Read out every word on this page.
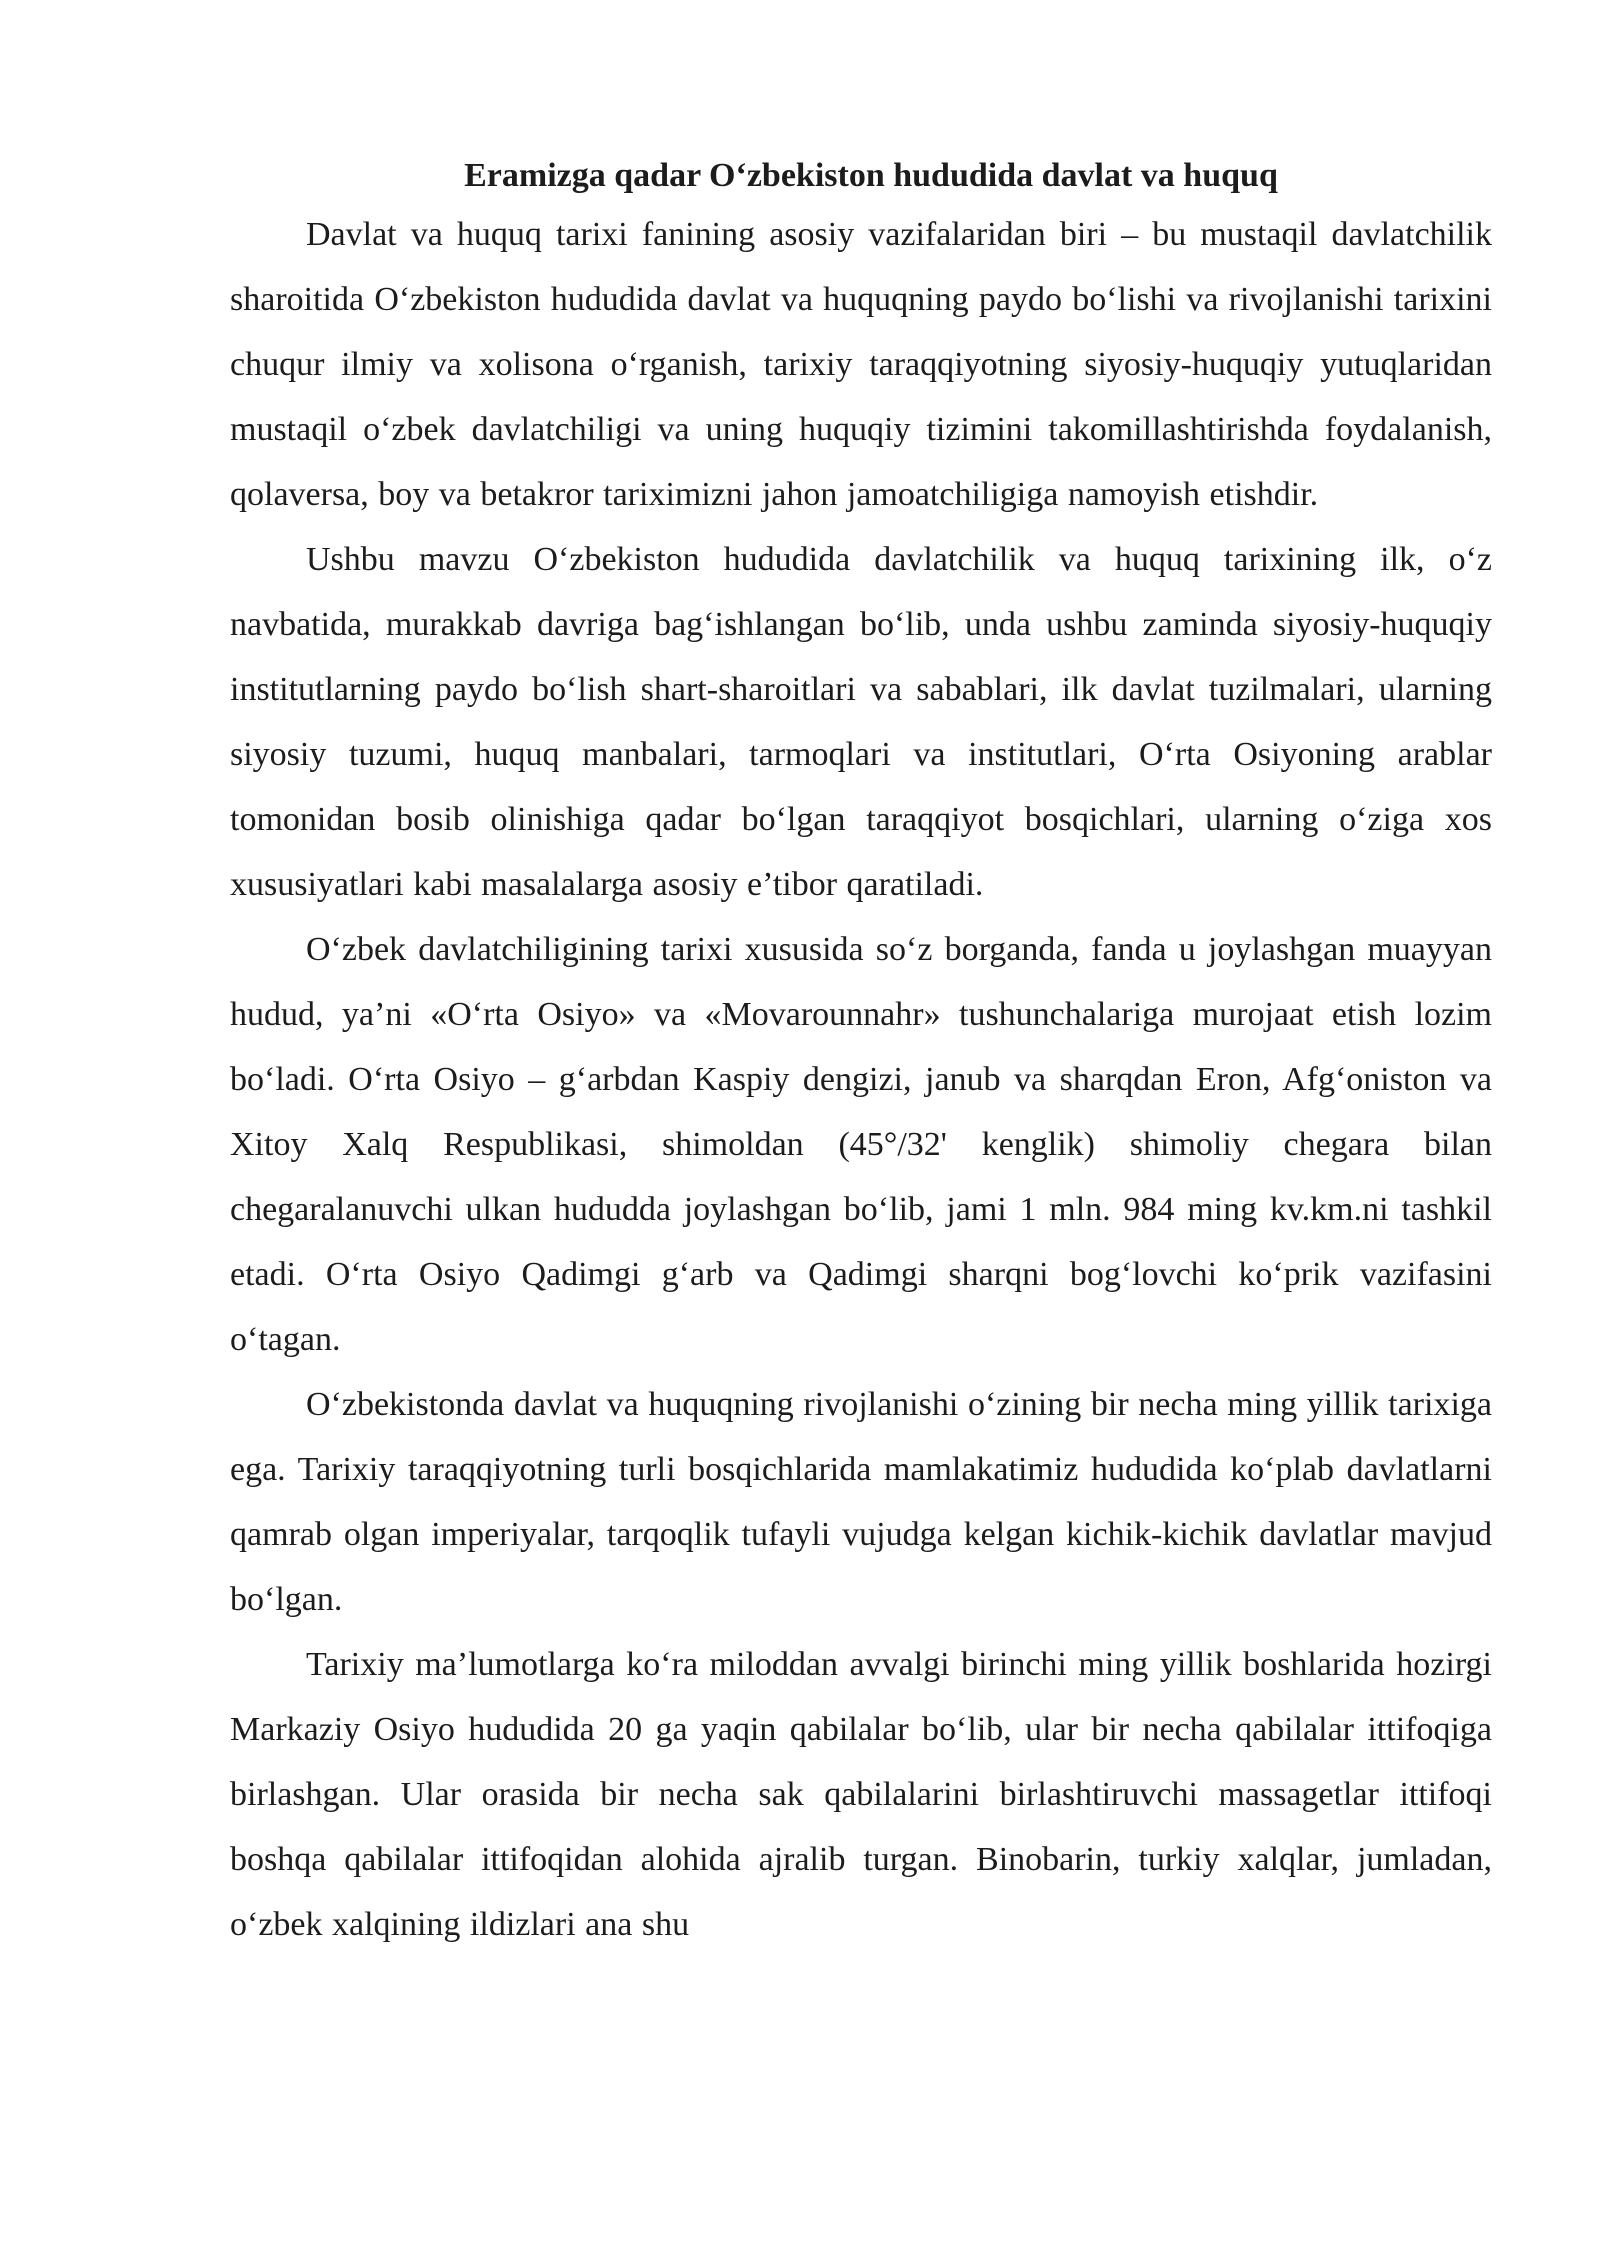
Eramizga qadar O‘zbekiston hududida davlat va huquq

Davlat va huquq tarixi fanining asosiy vazifalaridan biri – bu mustaqil davlatchilik sharoitida O‘zbekiston hududida davlat va huquqning paydo bo‘lishi va rivojlanishi tarixini chuqur ilmiy va xolisona o‘rganish, tarixiy taraqqiyotning siyosiy-huquqiy yutuqlaridan mustaqil o‘zbek davlatchiligi va uning huquqiy tizimini takomillashtirishda foydalanish, qolaversa, boy va betakror tariximizni jahon jamoatchiligiga namoyish etishdir.

Ushbu mavzu O‘zbekiston hududida davlatchilik va huquq tarixining ilk, o‘z navbatida, murakkab davriga bag‘ishlangan bo‘lib, unda ushbu zaminda siyosiy-huquqiy institutlarning paydo bo‘lish shart-sharoitlari va sabablari, ilk davlat tuzilmalari, ularning siyosiy tuzumi, huquq manbalari, tarmoqlari va institutlari, O‘rta Osiyoning arablar tomonidan bosib olinishiga qadar bo‘lgan taraqqiyot bosqichlari, ularning o‘ziga xos xususiyatlari kabi masalalarga asosiy e’tibor qaratiladi.

O‘zbek davlatchiligining tarixi xususida so‘z borganda, fanda u joylashgan muayyan hudud, ya’ni «O‘rta Osiyo» va «Movarounnahr» tushunchalariga murojaat etish lozim bo‘ladi. O‘rta Osiyo – g‘arbdan Kaspiy dengizi, janub va sharqdan Eron, Afg‘oniston va Xitoy Xalq Respublikasi, shimoldan (45°/32' kenglik) shimoliy chegara bilan chegaralanuvchi ulkan hududda joylashgan bo‘lib, jami 1 mln. 984 ming kv.km.ni tashkil etadi. O‘rta Osiyo Qadimgi g‘arb va Qadimgi sharqni bog‘lovchi ko‘prik vazifasini o‘tagan.

O‘zbekistonda davlat va huquqning rivojlanishi o‘zining bir necha ming yillik tarixiga ega. Tarixiy taraqqiyotning turli bosqichlarida mamlakatimiz hududida ko‘plab davlatlarni qamrab olgan imperiyalar, tarqoqlik tufayli vujudga kelgan kichik-kichik davlatlar mavjud bo‘lgan.

Tarixiy ma’lumotlarga ko‘ra miloddan avvalgi birinchi ming yillik boshlarida hozirgi Markaziy Osiyo hududida 20 ga yaqin qabilalar bo‘lib, ular bir necha qabilalar ittifoqiga birlashgan. Ular orasida bir necha sak qabilalarini birlashtiruvchi massagetlar ittifoqi boshqa qabilalar ittifoqidan alohida ajralib turgan. Binobarin, turkiy xalqlar, jumladan, o‘zbek xalqining ildizlari ana shu
